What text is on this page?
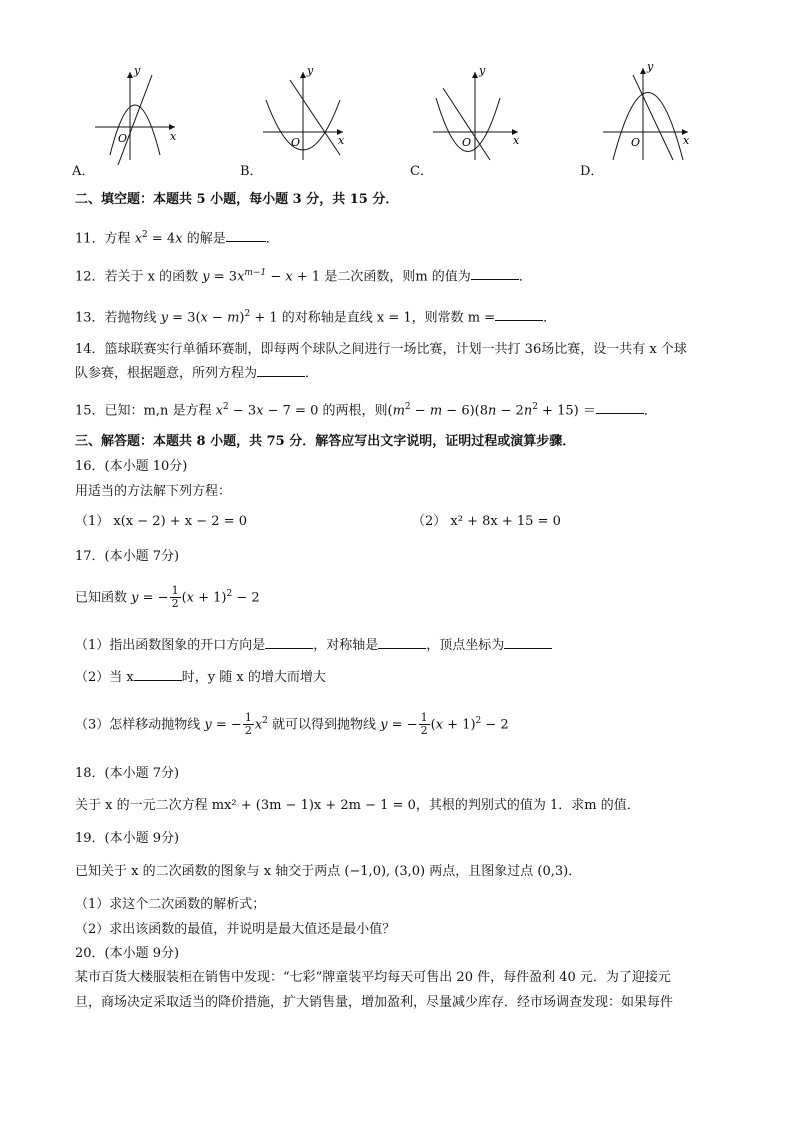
y
x
O
A．
y
x
O
B．
y
x
O
C．
y
x
O
D．
二、填空题：本题共 5 小题，每小题 3 分，共 15 分．
11．方程 $x^2 = 4x$ 的解是	．
12．若关于 x 的函数 $y = 3x^{m-1} - x + 1$ 是二次函数，则m 的值为	．
13．若抛物线 $y = 3(x - m)^2 + 1$ 的对称轴是直线 x = 1，则常数 m =	．
14．篮球联赛实行单循环赛制，即每两个球队之间进行一场比赛，计划一共打 36场比赛，设一共有 x 个球
队参赛，根据题意，所列方程为	．
15．已知：m,n 是方程 $x^2 - 3x - 7 = 0$ 的两根，则$(m^2 - m - 6)(8n - 2n^2 + 15)$ ＝	．
三、解答题：本题共 8 小题，共 75 分．解答应写出文字说明，证明过程或演算步骤．
16．(本小题 10分)
用适当的方法解下列方程：
（1） x(x − 2) + x − 2 = 0	（2） x² + 8x + 15 = 0
17．(本小题 7分)
已知函数 y = − $\frac{1}{2} (x + 1)^2 - 2$
（1）指出函数图象的开口方向是	，对称轴是	，顶点坐标为
（2）当 x	时，y 随 x 的增大而增大
（3）怎样移动抛物线 y = − $\frac{1}{2} x^2$ 就可以得到抛物线 y = − $\frac{1}{2} (x + 1)^2 - 2$
18．(本小题 7分)
关于 x 的一元二次方程 mx² + (3m − 1)x + 2m − 1 = 0，其根的判别式的值为 1．求m 的值．
19．(本小题 9分)
已知关于 x 的二次函数的图象与 x 轴交于两点 (−1,0), (3,0) 两点，且图象过点 (0,3)．
（1）求这个二次函数的解析式；
（2）求出该函数的最值，并说明是最大值还是最小值？
20．(本小题 9分)
某市百货大楼服装柜在销售中发现：“七彩”牌童装平均每天可售出 20 件，每件盈利 40 元．为了迎接元
旦，商场决定采取适当的降价措施，扩大销售量，增加盈利，尽量减少库存．经市场调查发现：如果每件
